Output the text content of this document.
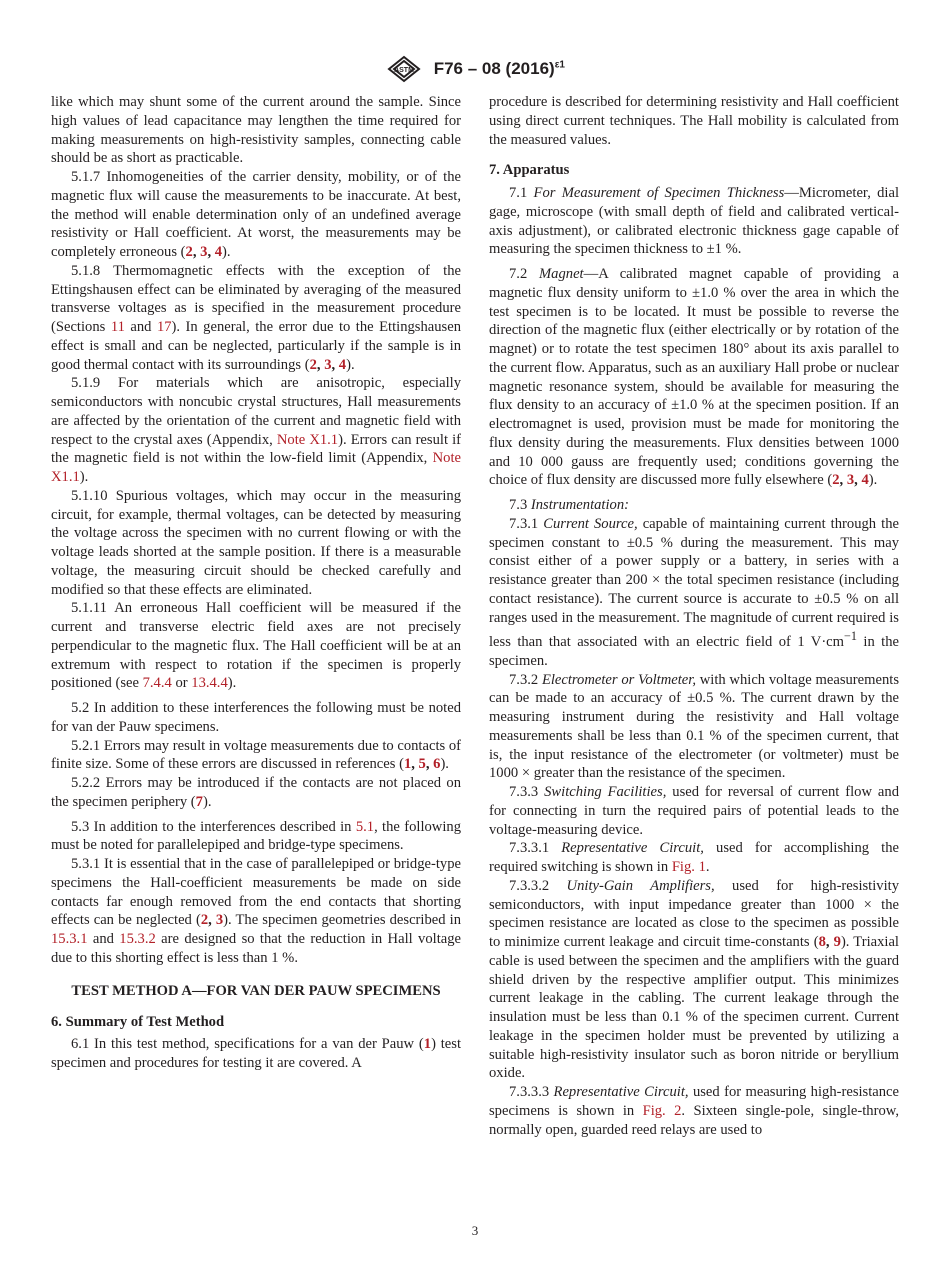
ASTM F76 – 08 $(2016)^{\varepsilon 1}$

like which may shunt some of the current around the sample. Since high values of lead capacitance may lengthen the time required for making measurements on high-resistivity samples, connecting cable should be as short as practicable.

5.1.7 Inhomogeneities of the carrier density, mobility, or of the magnetic flux will cause the measurements to be inaccurate. At best, the method will enable determination only of an undefined average resistivity or Hall coefficient. At worst, the measurements may be completely erroneous (2, 3, 4).

5.1.8 Thermomagnetic effects with the exception of the Ettingshausen effect can be eliminated by averaging of the measured transverse voltages as is specified in the measurement procedure (Sections 11 and 17). In general, the error due to the Ettingshausen effect is small and can be neglected, particularly if the sample is in good thermal contact with its surroundings (2, 3, 4).

5.1.9 For materials which are anisotropic, especially semiconductors with noncubic crystal structures, Hall measurements are affected by the orientation of the current and magnetic field with respect to the crystal axes (Appendix, Note X1.1). Errors can result if the magnetic field is not within the low-field limit (Appendix, Note X1.1).

5.1.10 Spurious voltages, which may occur in the measuring circuit, for example, thermal voltages, can be detected by measuring the voltage across the specimen with no current flowing or with the voltage leads shorted at the sample position. If there is a measurable voltage, the measuring circuit should be checked carefully and modified so that these effects are eliminated.

5.1.11 An erroneous Hall coefficient will be measured if the current and transverse electric field axes are not precisely perpendicular to the magnetic flux. The Hall coefficient will be at an extremum with respect to rotation if the specimen is properly positioned (see 7.4.4 or 13.4.4).

5.2 In addition to these interferences the following must be noted for van der Pauw specimens.

5.2.1 Errors may result in voltage measurements due to contacts of finite size. Some of these errors are discussed in references (1, 5, 6).

5.2.2 Errors may be introduced if the contacts are not placed on the specimen periphery (7).

5.3 In addition to the interferences described in 5.1, the following must be noted for parallelepiped and bridge-type specimens.

5.3.1 It is essential that in the case of parallelepiped or bridge-type specimens the Hall-coefficient measurements be made on side contacts far enough removed from the end contacts that shorting effects can be neglected (2, 3). The specimen geometries described in 15.3.1 and 15.3.2 are designed so that the reduction in Hall voltage due to this shorting effect is less than 1 %.

TEST METHOD A—FOR VAN DER PAUW SPECIMENS
6. Summary of Test Method

6.1 In this test method, specifications for a van der Pauw (1) test specimen and procedures for testing it are covered. A

procedure is described for determining resistivity and Hall coefficient using direct current techniques. The Hall mobility is calculated from the measured values.

7. Apparatus

7.1 For Measurement of Specimen Thickness—Micrometer, dial gage, microscope (with small depth of field and calibrated vertical-axis adjustment), or calibrated electronic thickness gage capable of measuring the specimen thickness to ±1 %.

7.2 Magnet—A calibrated magnet capable of providing a magnetic flux density uniform to ±1.0 % over the area in which the test specimen is to be located. It must be possible to reverse the direction of the magnetic flux (either electrically or by rotation of the magnet) or to rotate the test specimen 180° about its axis parallel to the current flow. Apparatus, such as an auxiliary Hall probe or nuclear magnetic resonance system, should be available for measuring the flux density to an accuracy of ±1.0 % at the specimen position. If an electromagnet is used, provision must be made for monitoring the flux density during the measurements. Flux densities between 1000 and 10 000 gauss are frequently used; conditions governing the choice of flux density are discussed more fully elsewhere (2, 3, 4).

7.3 Instrumentation:

7.3.1 Current Source, capable of maintaining current through the specimen constant to ±0.5 % during the measurement. This may consist either of a power supply or a battery, in series with a resistance greater than 200 × the total specimen resistance (including contact resistance). The current source is accurate to ±0.5 % on all ranges used in the measurement. The magnitude of current required is less than that associated with an electric field of 1 $V\cdot cm^{-1}$ in the specimen.

7.3.2 Electrometer or Voltmeter, with which voltage measurements can be made to an accuracy of ±0.5 %. The current drawn by the measuring instrument during the resistivity and Hall voltage measurements shall be less than 0.1 % of the specimen current, that is, the input resistance of the electrometer (or voltmeter) must be 1000 × greater than the resistance of the specimen.

7.3.3 Switching Facilities, used for reversal of current flow and for connecting in turn the required pairs of potential leads to the voltage-measuring device.

7.3.3.1 Representative Circuit, used for accomplishing the required switching is shown in Fig. 1.

7.3.3.2 Unity-Gain Amplifiers, used for high-resistivity semiconductors, with input impedance greater than 1000 × the specimen resistance are located as close to the specimen as possible to minimize current leakage and circuit time-constants (8, 9). Triaxial cable is used between the specimen and the amplifiers with the guard shield driven by the respective amplifier output. This minimizes current leakage in the cabling. The current leakage through the insulation must be less than 0.1 % of the specimen current. Current leakage in the specimen holder must be prevented by utilizing a suitable high-resistivity insulator such as boron nitride or beryllium oxide.

7.3.3.3 Representative Circuit, used for measuring high-resistance specimens is shown in Fig. 2. Sixteen single-pole, single-throw, normally open, guarded reed relays are used to

3
